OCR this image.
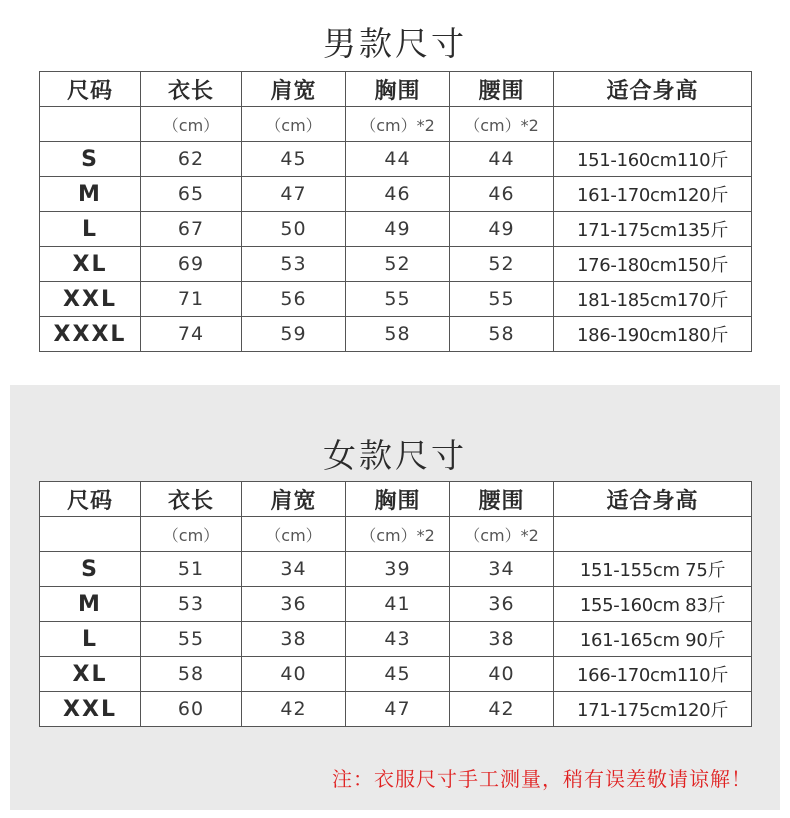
男款尺寸
尺码	衣长	肩宽	胸围	腰围	适合身高
	（cm）	（cm）	（cm）*2	（cm）*2	
S	62	45	44	44	151-160cm110斤
M	65	47	46	46	161-170cm120斤
L	67	50	49	49	171-175cm135斤
XL	69	53	52	52	176-180cm150斤
XXL	71	56	55	55	181-185cm170斤
XXXL	74	59	58	58	186-190cm180斤
女款尺寸
尺码	衣长	肩宽	胸围	腰围	适合身高
	（cm）	（cm）	（cm）*2	（cm）*2	
S	51	34	39	34	151-155cm 75斤
M	53	36	41	36	155-160cm 83斤
L	55	38	43	38	161-165cm 90斤
XL	58	40	45	40	166-170cm110斤
XXL	60	42	47	42	171-175cm120斤
注：衣服尺寸手工测量，稍有误差敬请谅解！
